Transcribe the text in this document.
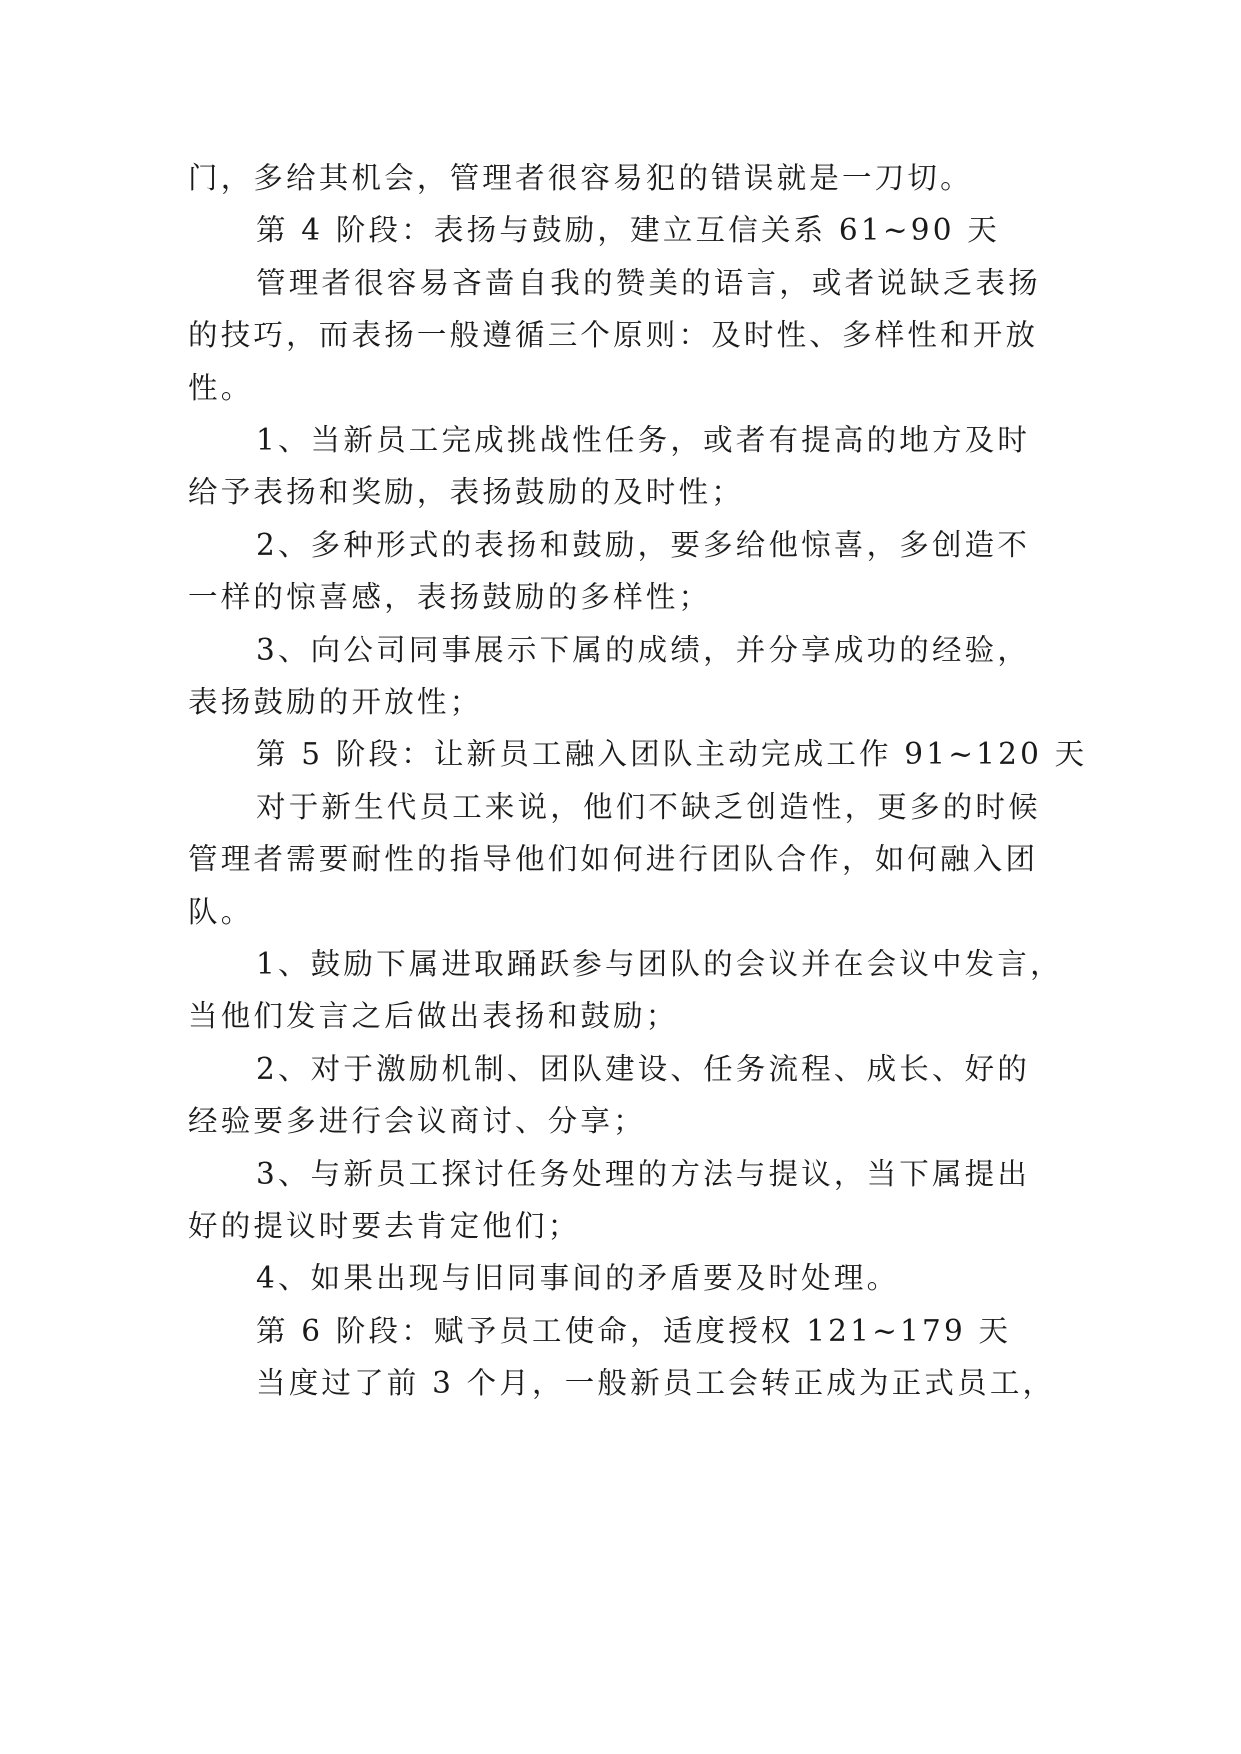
门，多给其机会，管理者很容易犯的错误就是一刀切。
第 4 阶段：表扬与鼓励，建立互信关系 61~90 天
管理者很容易吝啬自我的赞美的语言，或者说缺乏表扬
的技巧，而表扬一般遵循三个原则：及时性、多样性和开放
性。
1、当新员工完成挑战性任务，或者有提高的地方及时
给予表扬和奖励，表扬鼓励的及时性；
2、多种形式的表扬和鼓励，要多给他惊喜，多创造不
一样的惊喜感，表扬鼓励的多样性；
3、向公司同事展示下属的成绩，并分享成功的经验，
表扬鼓励的开放性；
第 5 阶段：让新员工融入团队主动完成工作 91~120 天
对于新生代员工来说，他们不缺乏创造性，更多的时候
管理者需要耐性的指导他们如何进行团队合作，如何融入团
队。
1、鼓励下属进取踊跃参与团队的会议并在会议中发言，
当他们发言之后做出表扬和鼓励；
2、对于激励机制、团队建设、任务流程、成长、好的
经验要多进行会议商讨、分享；
3、与新员工探讨任务处理的方法与提议，当下属提出
好的提议时要去肯定他们；
4、如果出现与旧同事间的矛盾要及时处理。
第 6 阶段：赋予员工使命，适度授权 121~179 天
当度过了前 3 个月，一般新员工会转正成为正式员工，
